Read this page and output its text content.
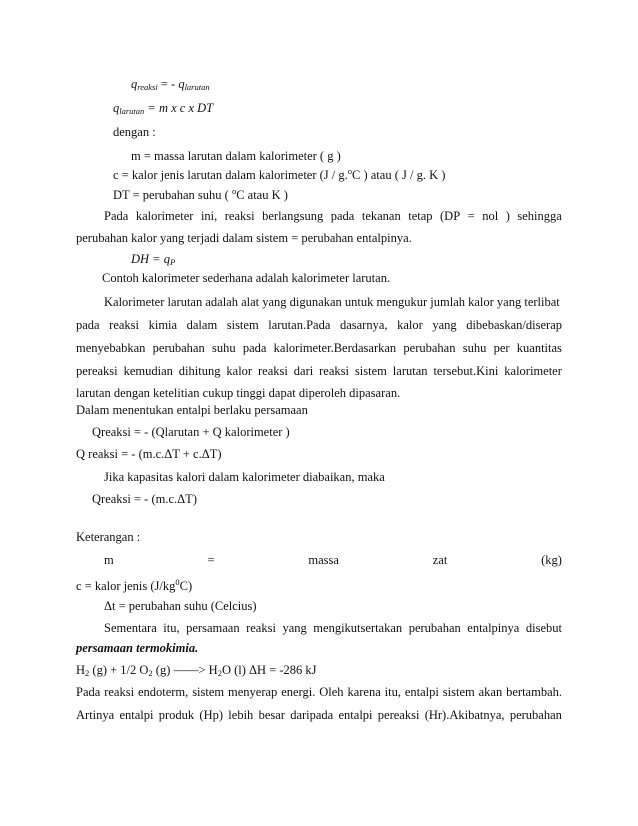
$q_{reaksi}$ = - $q_{larutan}$
$q_{larutan} = m$ x c x DT
dengan :
m = massa larutan dalam kalorimeter ( g )
c = kalor jenis larutan dalam kalorimeter (J / g.$^o$C ) atau ( J / g. K )
DT = perubahan suhu ( $^o$C atau K )
Pada kalorimeter ini, reaksi berlangsung pada tekanan tetap (DP = nol ) sehingga
perubahan kalor yang terjadi dalam sistem = perubahan entalpinya.
DH = $q_P$
Contoh kalorimeter sederhana adalah kalorimeter larutan.
Kalorimeter larutan adalah alat yang digunakan untuk mengukur jumlah kalor yang terlibat
pada reaksi kimia dalam sistem larutan.Pada dasarnya, kalor yang dibebaskan/diserap
menyebabkan perubahan suhu pada kalorimeter.Berdasarkan perubahan suhu per kuantitas
pereaksi kemudian dihitung kalor reaksi dari reaksi sistem larutan tersebut.Kini kalorimeter
larutan dengan ketelitian cukup tinggi dapat diperoleh dipasaran.
Dalam menentukan entalpi berlaku persamaan
Qreaksi = - (Qlarutan + Q kalorimeter )
Q reaksi = - (m.c.ΔT + c.ΔT)
Jika kapasitas kalori dalam kalorimeter diabaikan, maka
Qreaksi = - (m.c.ΔT)
Keterangan :
m	=	massa	zat	(kg)
c = kalor jenis $(J/kg^0C)$
Δt = perubahan suhu (Celcius)
Sementara itu, persamaan reaksi yang mengikutsertakan perubahan entalpinya disebut
persamaan termokimia.
$H_2$ (g) + 1/2 $O_2$ (g) ——> $H_2O$ (l) ΔH = -286 kJ
Pada reaksi endoterm, sistem menyerap energi. Oleh karena itu, entalpi sistem akan bertambah.
Artinya entalpi produk (Hp) lebih besar daripada entalpi pereaksi (Hr).Akibatnya, perubahan
